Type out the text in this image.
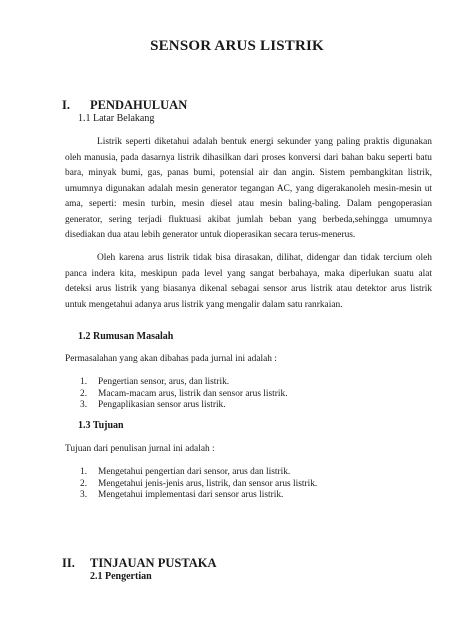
SENSOR ARUS LISTRIK
I. PENDAHULUAN
1.1 Latar Belakang

Listrik seperti diketahui adalah bentuk energi sekunder yang paling praktis digunakan oleh manusia, pada dasarnya listrik dihasilkan dari proses konversi dari bahan baku seperti batu bara, minyak bumi, gas, panas bumi, potensial air dan angin. Sistem pembangkitan listrik, umumnya digunakan adalah mesin generator tegangan AC, yang digerakanoleh mesin-mesin ut ama, seperti: mesin turbin, mesin diesel atau mesin baling-baling. Dalam pengoperasian generator, sering terjadi fluktuasi akibat jumlah beban yang berbeda,sehingga umumnya disediakan dua atau lebih generator untuk dioperasikan secara terus-menerus.

Oleh karena arus listrik tidak bisa dirasakan, dilihat, didengar dan tidak tercium oleh panca indera kita, meskipun pada level yang sangat berbahaya, maka diperlukan suatu alat deteksi arus listrik yang biasanya dikenal sebagai sensor arus listrik atau detektor arus listrik untuk mengetahui adanya arus listrik yang mengalir dalam satu ranrkaian.

1.2 Rumusan Masalah
Permasalahan yang akan dibahas pada jurnal ini adalah :
1. Pengertian sensor, arus, dan listrik.
2. Macam-macam arus, listrik dan sensor arus listrik.
3. Pengaplikasian sensor arus listrik.
1.3 Tujuan
Tujuan dari penulisan jurnal ini adalah :
1. Mengetahui pengertian dari sensor, arus dan listrik.
2. Mengetahui jenis-jenis arus, listrik, dan sensor arus listrik.
3. Mengetahui implementasi dari sensor arus listrik.
II. TINJAUAN PUSTAKA
2.1 Pengertian
